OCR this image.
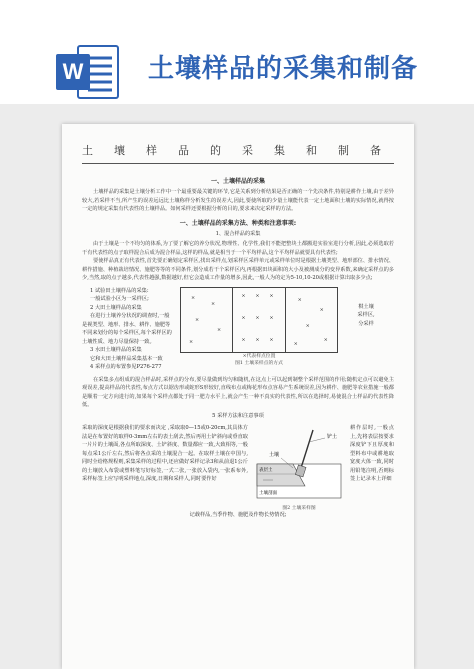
W 土壤样品的采集和制备
土壤样品的采集和制备
一、土壤样品的采集

土壤样品的采集是土壤分析工作中一个最重要最关键的环节,它是关系到分析结果是否正确的一个先决条件,特别是耕作土壤,由于差异较大,若采样不当,所产生的误差远远比土壤称样分析发生的误差大,因此,要使所取的少量土壤能代表一定土地面积土壤的实际情况,就得按一定的规定采集有代表性的土壤样品。如何采样还要根据分析的目的,要求来决定采样的方法。

一、土壤样品的采集方法、种类和注意事项:
1、混合样品的采集

由于土壤是一个不均匀的体系,为了要了解它的养分状况,物理性、化学性,我们不能把整块土都搬进实验室进行分析,因此,必须选取若干有代表性的点子取样混合后成为混合样品,这样的样品,就是相当于一个平均样品,这个平均样品就要具有代表性;

要使样品真正有代表性,首先要正确划定采样区,找出采样点,划采样区采样单元或采样单位时是根据土壤类型、地形部位、排水情况、耕作措施、种植栽培情况、施肥等等的不同条件,划分成若干个采样区内,再根据田块面积的大小及被测成分的变异系数,来确定采样点的多少,当然,取的点子越多,代表性越强,数据越好,但它会造成工作量的增多,因此,一般人为的定为5-10,10-20或根据计算出取多少点;

1 试验田土壤样品的采集:

一般试验小区为一采样区;

2 大田土壤样品的采集

在进行土壤养分状况的调查时,一般是视类型、地形、排水、耕作、施肥等不同来划分的每个采样区,每个采样区的土壤性质、地力尽量保持一致。

3 水田土壤样品的采集

它和大田土壤样品采集基本一致

4 采样点的布置参见P276-277

×
×
×
×
×
× × ×
× × ×
× × ×
×
×
×
×
×
×代表样点位置
图1 土壤采样点的方式
棋土壤
采样区,
分采样

在采集多点组成的混合样品时,采样点的分布,要尽量做到均匀和随机,在这点上可以起到制整个采样范围的作用;随机定点可以避免主观误差,提高样品的代表性,布点方式以锯齿形或蛇形S形较好,直线布点或梅花形布点容易产生系统误差,因为耕作、施肥等农业措施一般都是顺着一定方向进行的,如果每个采样点都处于同一肥力水平上,就会产生一种不真实的代表性,所以在选择时,易使混合土样品的代表性降低。

5 采样方法和注意事项

采取的深度是根据我们的要求而决定 ,采取取0—15或0-20cm,其具体方法是在布置好的取样0-3mm左右的表土刮去,然后再用土铲斜向或垂直取一片片的土壤面,各点所取深度、土铲斜度、数量都应一致,大致相等,一般每点采1公斤左右,然后将各点采的土壤混合一起。在取样土壤在中国与,同时全给格规程则,采集采样的过程中,还应做好采样记录3和从前退1公斤 的土壤放入布袋或塑料笔写好标签,一式二张,一张放入袋内,一张系布外,采样标签上应写明采样地点,深度,日期和采样人,同时要作好

铲土
土壤
表层土
土壤剖面
图2 土壤采样图

耕作层时,一般点上,先将表层按要求深度铲下且厚度和型料布中或耕地取宽度大体一致,同时用铅笔注明,否则标签上记录本上详细

记载样品,当季作物、施肥及作物长势情况;
